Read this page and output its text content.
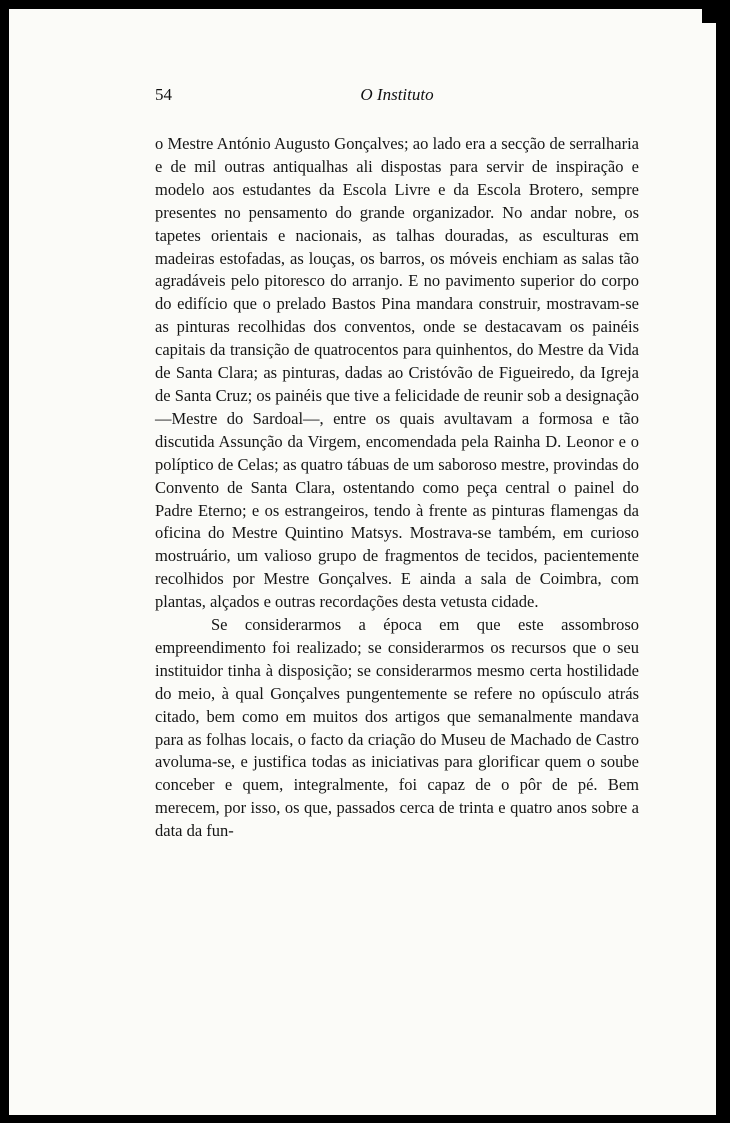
54	O Instituto

o Mestre António Augusto Gonçalves; ao lado era a secção de serralharia e de mil outras antiqualhas ali dispostas para servir de inspiração e modelo aos estudantes da Escola Livre e da Escola Brotero, sempre presentes no pensamento do grande organizador. No andar nobre, os tapetes orientais e nacionais, as talhas douradas, as esculturas em madeiras estofadas, as louças, os barros, os móveis enchiam as salas tão agradáveis pelo pitoresco do arranjo. E no pavimento superior do corpo do edifício que o prelado Bastos Pina mandara construir, mostravam-se as pinturas recolhidas dos conventos, onde se destacavam os painéis capitais da transição de quatrocentos para quinhentos, do Mestre da Vida de Santa Clara; as pinturas, dadas ao Cristóvão de Figueiredo, da Igreja de Santa Cruz; os painéis que tive a felicidade de reunir sob a designação—Mestre do Sardoal—, entre os quais avultavam a formosa e tão discutida Assunção da Virgem, encomendada pela Rainha D. Leonor e o políptico de Celas; as quatro tábuas de um saboroso mestre, provindas do Convento de Santa Clara, ostentando como peça central o painel do Padre Eterno; e os estrangeiros, tendo à frente as pinturas flamengas da oficina do Mestre Quintino Matsys. Mostrava-se também, em curioso mostruário, um valioso grupo de fragmentos de tecidos, pacientemente recolhidos por Mestre Gonçalves. E ainda a sala de Coimbra, com plantas, alçados e outras recordações desta vetusta cidade.

Se considerarmos a época em que este assombroso empreendimento foi realizado; se considerarmos os recursos que o seu instituidor tinha à disposição; se considerarmos mesmo certa hostilidade do meio, à qual Gonçalves pungentemente se refere no opúsculo atrás citado, bem como em muitos dos artigos que semanalmente mandava para as folhas locais, o facto da criação do Museu de Machado de Castro avoluma-se, e justifica todas as iniciativas para glorificar quem o soube conceber e quem, integralmente, foi capaz de o pôr de pé. Bem merecem, por isso, os que, passados cerca de trinta e quatro anos sobre a data da fun-
